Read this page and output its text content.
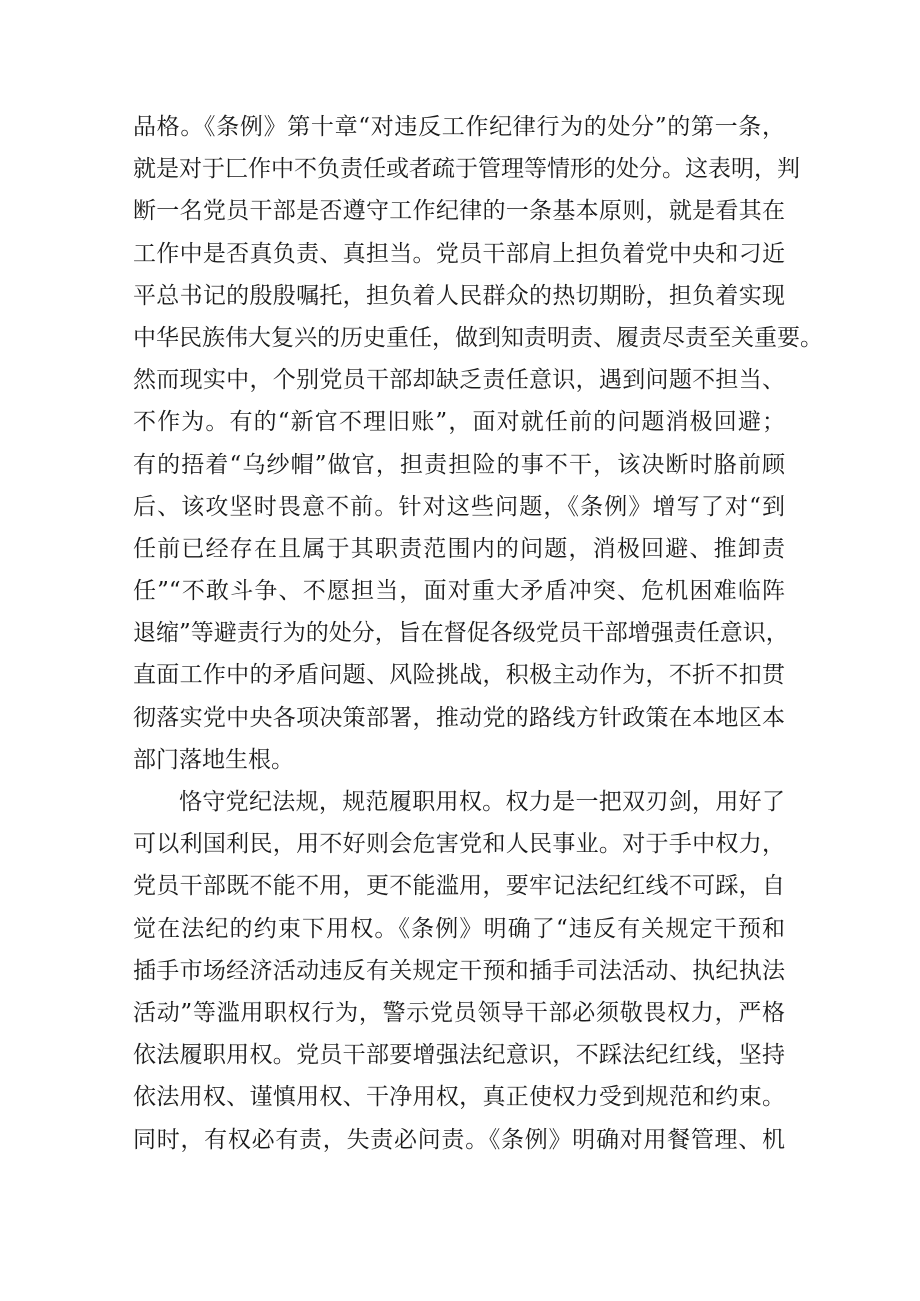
品格。《条例》第十章“对违反工作纪律行为的处分”的第一条，
就是对于匚作中不负责任或者疏于管理等情形的处分。这表明，判
断一名党员干部是否遵守工作纪律的一条基本原则，就是看其在
工作中是否真负责、真担当。党员干部肩上担负着党中央和刁近
平总书记的殷殷嘱托，担负着人民群众的热切期盼，担负着实现
中华民族伟大复兴的历史重任，做到知责明责、履责尽责至关重要。
然而现实中，个别党员干部却缺乏责任意识，遇到问题不担当、
不作为。有的“新官不理旧账”，面对就任前的问题消极回避；
有的捂着“乌纱帽”做官，担责担险的事不干，该决断时胳前顾
后、该攻坚时畏意不前。针对这些问题，《条例》增写了对“到
任前已经存在且属于其职责范围内的问题，消极回避、推卸责
任”“不敢斗争、不愿担当，面对重大矛盾冲突、危机困难临阵
退缩”等避责行为的处分，旨在督促各级党员干部增强责任意识，
直面工作中的矛盾问题、风险挑战，积极主动作为，不折不扣贯
彻落实党中央各项决策部署，推动党的路线方针政策在本地区本
部门落地生根。
恪守党纪法规，规范履职用权。权力是一把双刃剑，用好了
可以利国利民，用不好则会危害党和人民事业。对于手中权力，
党员干部既不能不用，更不能滥用，要牢记法纪红线不可踩，自
觉在法纪的约束下用权。《条例》明确了“违反有关规定干预和
插手市场经济活动违反有关规定干预和插手司法活动、执纪执法
活动”等滥用职权行为，警示党员领导干部必须敬畏权力，严格
依法履职用权。党员干部要增强法纪意识，不踩法纪红线，坚持
依法用权、谨慎用权、干净用权，真正使权力受到规范和约束。
同时，有权必有责，失责必问责。《条例》明确对用餐管理、机
